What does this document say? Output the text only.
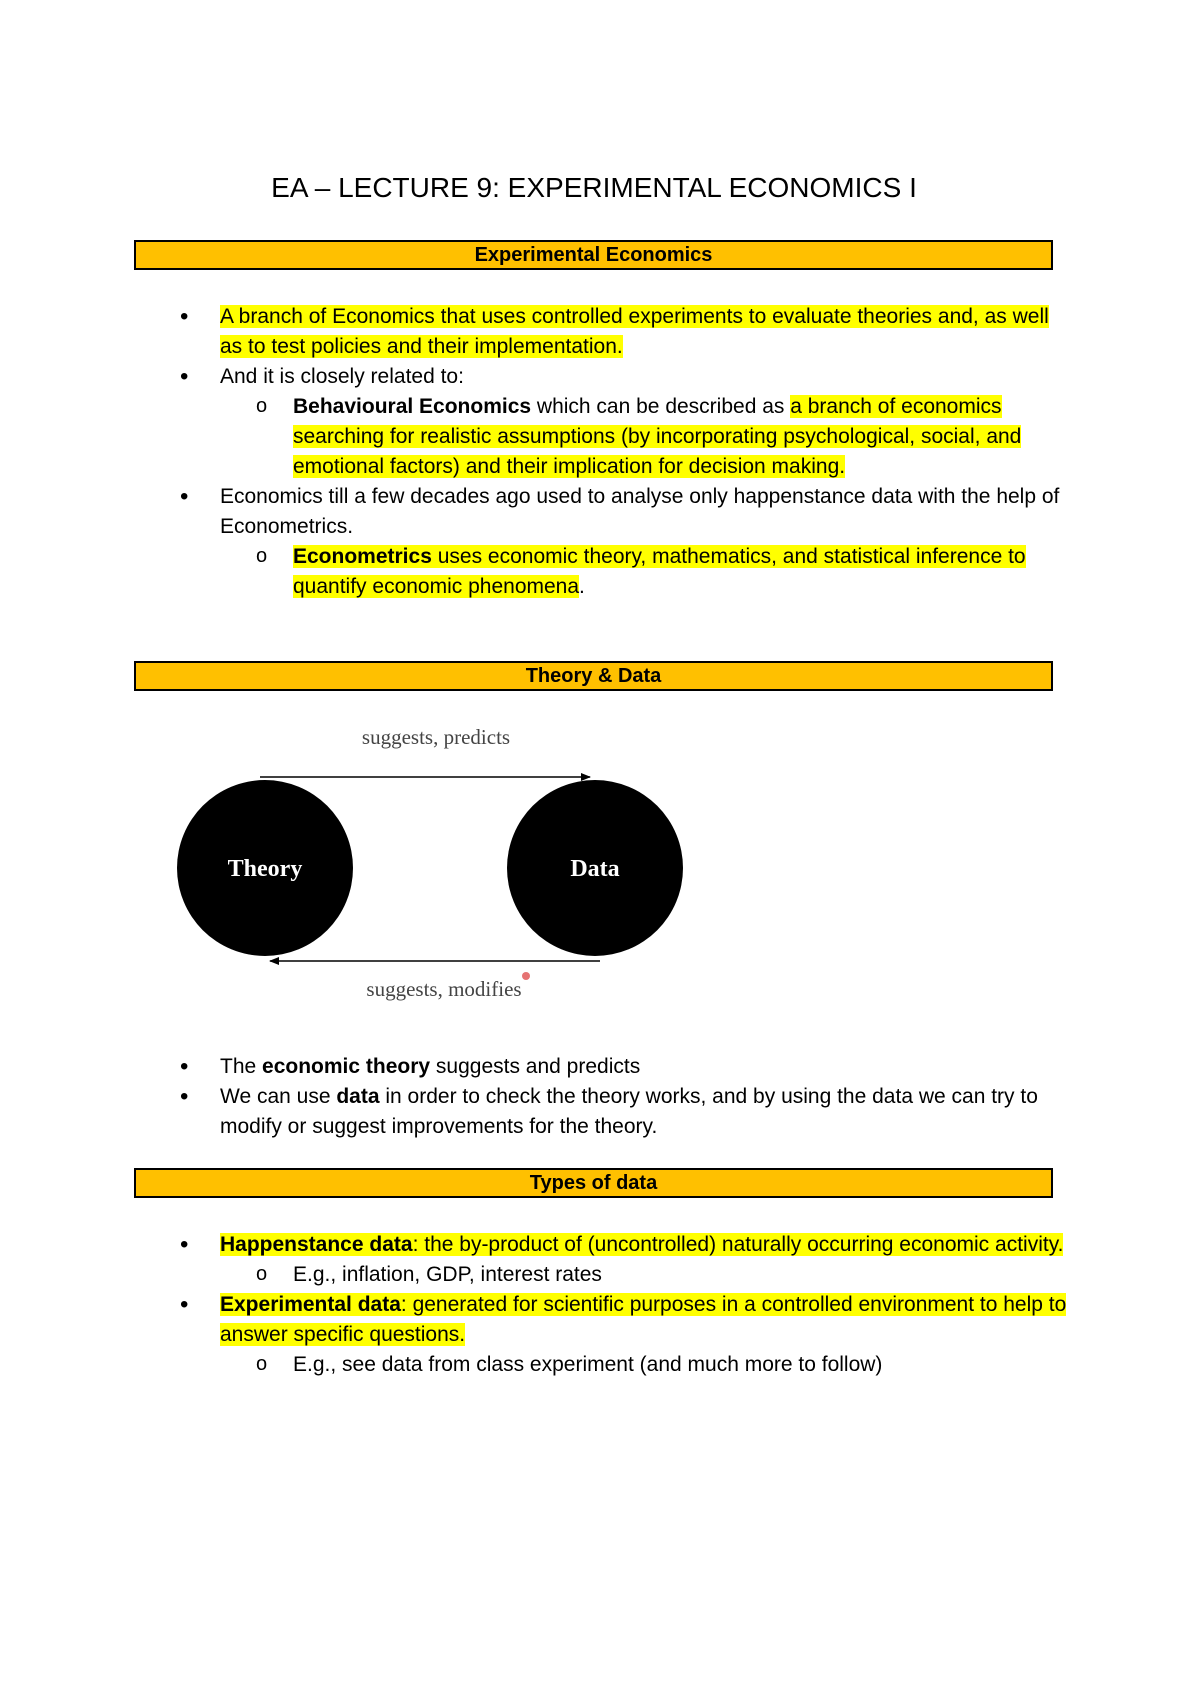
EA – LECTURE 9: EXPERIMENTAL ECONOMICS I
Experimental Economics
• A branch of Economics that uses controlled experiments to evaluate theories and, as well as to test policies and their implementation.
• And it is closely related to:
o Behavioural Economics which can be described as a branch of economics searching for realistic assumptions (by incorporating psychological, social, and emotional factors) and their implication for decision making.
• Economics till a few decades ago used to analyse only happenstance data with the help of Econometrics.
o Econometrics uses economic theory, mathematics, and statistical inference to quantify economic phenomena.
Theory & Data
suggests, predicts
Theory	Data
suggests, modifies
• The economic theory suggests and predicts
• We can use data in order to check the theory works, and by using the data we can try to modify or suggest improvements for the theory.
Types of data
• Happenstance data: the by-product of (uncontrolled) naturally occurring economic activity.
o E.g., inflation, GDP, interest rates
• Experimental data: generated for scientific purposes in a controlled environment to help to answer specific questions.
o E.g., see data from class experiment (and much more to follow)
